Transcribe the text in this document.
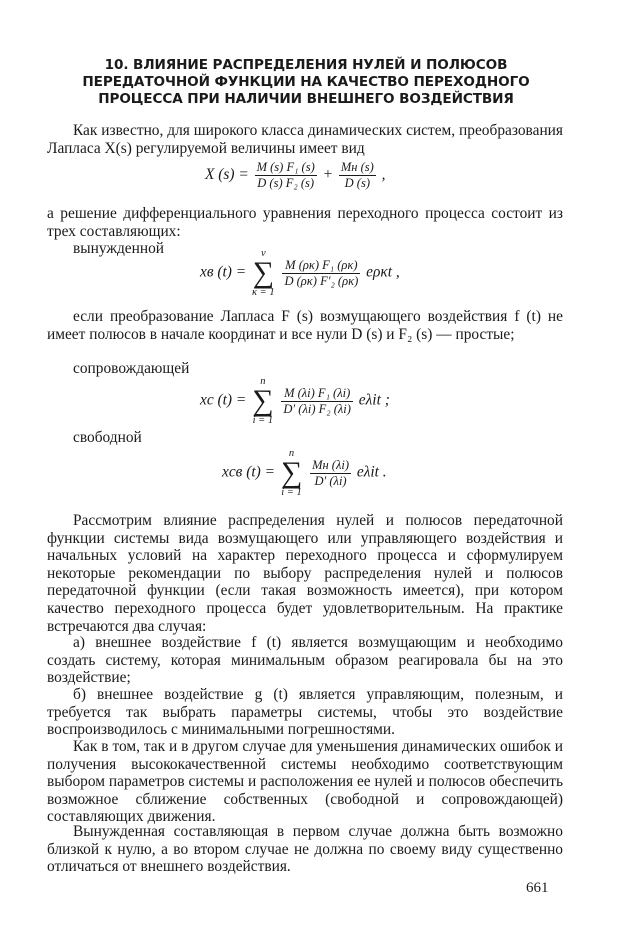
10. ВЛИЯНИЕ РАСПРЕДЕЛЕНИЯ НУЛЕЙ И ПОЛЮСОВ ПЕРЕДАТОЧНОЙ ФУНКЦИИ НА КАЧЕСТВО ПЕРЕХОДНОГО ПРОЦЕССА ПРИ НАЛИЧИИ ВНЕШНЕГО ВОЗДЕЙСТВИЯ
Как известно, для широкого класса динамических систем, преобразования Лапласа X(s) регулируемой величины имеет вид
X $(s) = \frac{\text{M (s) F₁ (s)}}{\text{D (s) F₂ (s)}} + \frac{Mн (s)}{D (s)}$ ,
а решение дифференциального уравнения переходного процесса состоит из трех составляющих:
вынужденной
xв (t) =
ν
∑
κ = 1

$\frac{\text{M (ρκ) F₁ (ρκ)}}{\text{D (ρκ) F′₂ (ρκ)}}$ eρκt ,
если преобразование Лапласа F (s) возмущающего воздействия f (t) не имеет полюсов в начале координат и все нули D (s) и F₂ (s) — простые;
сопровождающей
xc (t) =
n
∑
i = 1

$\frac{\text{M (λi) F₁ (λi)}}{\text{D′ (λi) F₂ (λi)}}$ eλit ;
свободной
xсв (t) =
n
∑
i = 1

$\frac{Mн (\lambda i)}{D' (\lambda i)}$ eλit .
Рассмотрим влияние распределения нулей и полюсов передаточной функции системы вида возмущающего или управляющего воздействия и начальных условий на характер переходного процесса и сформулируем некоторые рекомендации по выбору распределения нулей и полюсов передаточной функции (если такая возможность имеется), при котором качество переходного процесса будет удовлетворительным. На практике встречаются два случая:
а) внешнее воздействие f (t) является возмущающим и необходимо создать систему, которая минимальным образом реагировала бы на это воздействие;
б) внешнее воздействие g (t) является управляющим, полезным, и требуется так выбрать параметры системы, чтобы это воздействие воспроизводилось с минимальными погрешностями.
Как в том, так и в другом случае для уменьшения динамических ошибок и получения высококачественной системы необходимо соответствующим выбором параметров системы и расположения ее нулей и полюсов обеспечить возможное сближение собственных (свободной и сопровождающей) составляющих движения.
Вынужденная составляющая в первом случае должна быть возможно близкой к нулю, а во втором случае не должна по своему виду существенно отличаться от внешнего воздействия.
661
